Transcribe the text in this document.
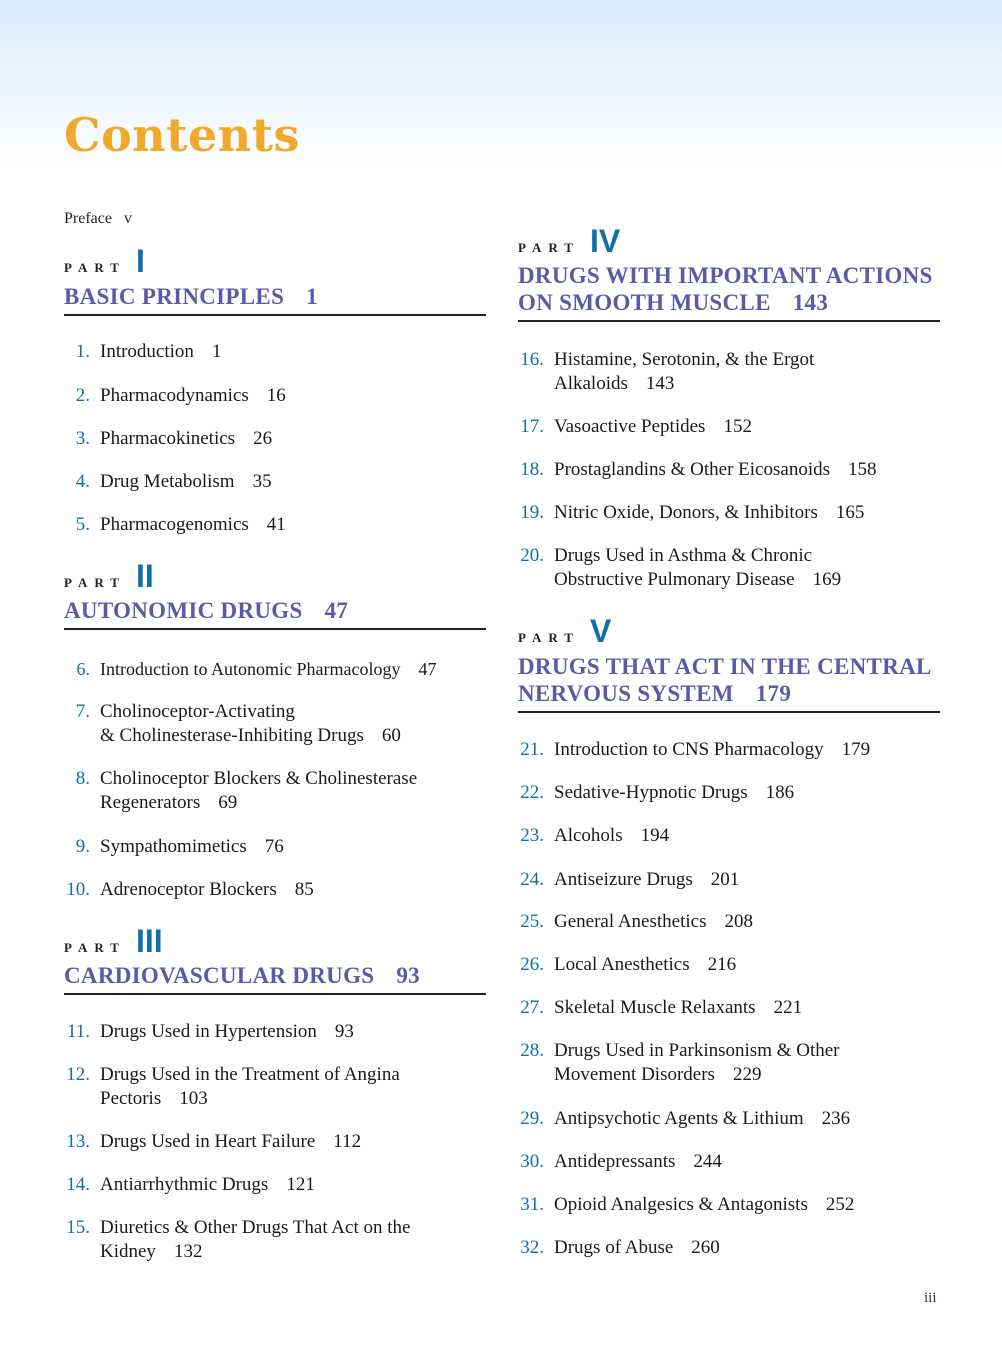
Contents
Preface v
PART I
BASIC PRINCIPLES 1
1. Introduction 1
2. Pharmacodynamics 16
3. Pharmacokinetics 26
4. Drug Metabolism 35
5. Pharmacogenomics 41
PART II
AUTONOMIC DRUGS 47
6. Introduction to Autonomic Pharmacology 47
7. Cholinoceptor-Activating
& Cholinesterase-Inhibiting Drugs 60
8. Cholinoceptor Blockers & Cholinesterase
Regenerators 69
9. Sympathomimetics 76
10. Adrenoceptor Blockers 85
PART III
CARDIOVASCULAR DRUGS 93
11. Drugs Used in Hypertension 93
12. Drugs Used in the Treatment of Angina
Pectoris 103
13. Drugs Used in Heart Failure 112
14. Antiarrhythmic Drugs 121
15. Diuretics & Other Drugs That Act on the
Kidney 132
PART IV
DRUGS WITH IMPORTANT ACTIONS
ON SMOOTH MUSCLE 143
16. Histamine, Serotonin, & the Ergot
Alkaloids 143
17. Vasoactive Peptides 152
18. Prostaglandins & Other Eicosanoids 158
19. Nitric Oxide, Donors, & Inhibitors 165
20. Drugs Used in Asthma & Chronic
Obstructive Pulmonary Disease 169
PART V
DRUGS THAT ACT IN THE CENTRAL
NERVOUS SYSTEM 179
21. Introduction to CNS Pharmacology 179
22. Sedative-Hypnotic Drugs 186
23. Alcohols 194
24. Antiseizure Drugs 201
25. General Anesthetics 208
26. Local Anesthetics 216
27. Skeletal Muscle Relaxants 221
28. Drugs Used in Parkinsonism & Other
Movement Disorders 229
29. Antipsychotic Agents & Lithium 236
30. Antidepressants 244
31. Opioid Analgesics & Antagonists 252
32. Drugs of Abuse 260
iii
